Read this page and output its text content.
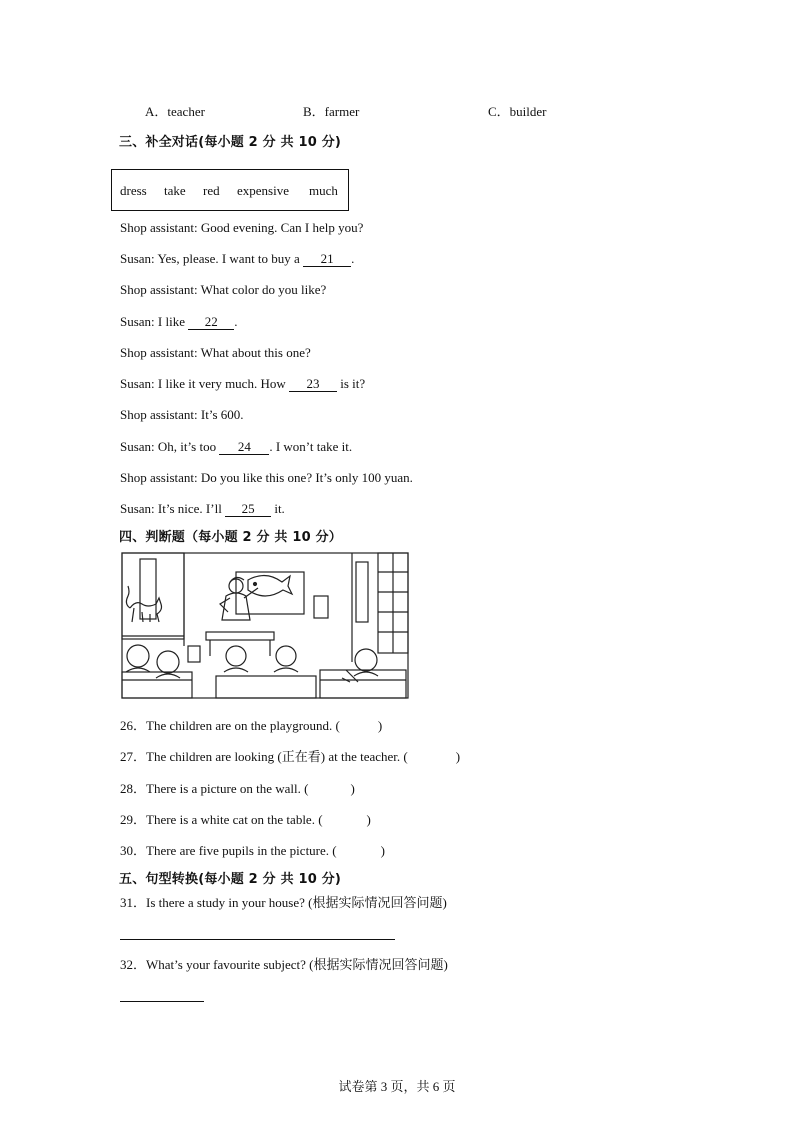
A．teacher	B．farmer	C．builder
三、补全对话(每小题 2 分 共 10 分)
dress take red expensive much
Shop assistant: Good evening. Can I help you?
Susan: Yes, please. I want to buy a 21 .
Shop assistant: What color do you like?
Susan: I like 22 .
Shop assistant: What about this one?
Susan: I like it very much. How 23 is it?
Shop assistant: It’s 600.
Susan: Oh, it’s too 24 . I won’t take it.
Shop assistant: Do you like this one? It’s only 100 yuan.
Susan: It’s nice. I’ll 25 it.
四、判断题（每小题 2 分 共 10 分）
26．The children are on the playground. (	)
27．The children are looking (正在看) at the teacher. (	)
28．There is a picture on the wall. (	)
29．There is a white cat on the table. (	)
30．There are five pupils in the picture. (	)
五、句型转换(每小题 2 分 共 10 分)
31．Is there a study in your house? (根据实际情况回答问题)
32．What’s your favourite subject? (根据实际情况回答问题)
试卷第 3 页，共 6 页
